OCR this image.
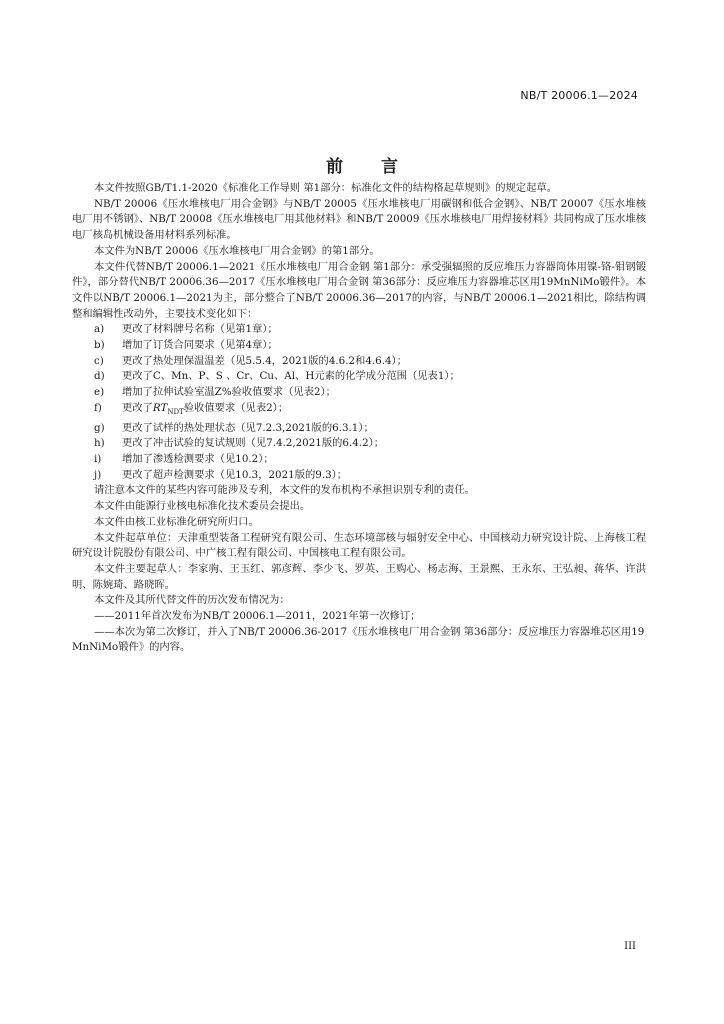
NB/T 20006.1—2024
前言

本文件按照GB/T1.1-2020《标准化工作导则 第1部分：标准化文件的结构格起草规则》的规定起草。

NB/T 20006《压水堆核电厂用合金钢》与NB/T 20005《压水堆核电厂用碳钢和低合金钢》、NB/T 20007《压水堆核电厂用不锈钢》、NB/T 20008《压水堆核电厂用其他材料》和NB/T 20009《压水堆核电厂用焊接材料》共同构成了压水堆核电厂核岛机械设备用材料系列标准。

本文件为NB/T 20006《压水堆核电厂用合金钢》的第1部分。

本文件代替NB/T 20006.1—2021《压水堆核电厂用合金钢 第1部分：承受强辐照的反应堆压力容器筒体用镍-铬-钼钢锻件》，部分替代NB/T 20006.36—2017《压水堆核电厂用合金钢 第36部分：反应堆压力容器堆芯区用19MnNiMo锻件》。本文件以NB/T 20006.1—2021为主，部分整合了NB/T 20006.36—2017的内容，与NB/T 20006.1—2021相比，除结构调整和编辑性改动外，主要技术变化如下：

a) 更改了材料牌号名称（见第1章）；

b) 增加了订货合同要求（见第4章）；

c) 更改了热处理保温温差（见5.5.4，2021版的4.6.2和4.6.4）；

d) 更改了C、Mn、P、S 、Cr、Cu、Al、H元素的化学成分范围（见表1）；

e) 增加了拉伸试验室温Z%验收值要求（见表2）；

f) 更改了$RT_{NDT}$验收值要求（见表2）；

g) 更改了试样的热处理状态（见7.2.3,2021版的6.3.1）；

h) 更改了冲击试验的复试规则（见7.4.2,2021版的6.4.2）；

i) 增加了渗透检测要求（见10.2）；

j) 更改了超声检测要求（见10.3，2021版的9.3）；

请注意本文件的某些内容可能涉及专利，本文件的发布机构不承担识别专利的责任。

本文件由能源行业核电标准化技术委员会提出。

本文件由核工业标准化研究所归口。

本文件起草单位：天津重型装备工程研究有限公司、生态环境部核与辐射安全中心、中国核动力研究设计院、上海核工程研究设计院股份有限公司、中广核工程有限公司、中国核电工程有限公司。

本文件主要起草人：李家驹、王玉红、郭彦辉、李少飞、罗英、王购心、杨志海、王景熙、王永东、王弘昶、蒋华、许洪明、陈婉琦、路晓晖。

本文件及其所代替文件的历次发布情况为：

——2011年首次发布为NB/T 20006.1—2011，2021年第一次修订；

——本次为第二次修订，并入了NB/T 20006.36-2017《压水堆核电厂用合金钢 第36部分：反应堆压力容器堆芯区用19MnNiMo锻件》的内容。

III
